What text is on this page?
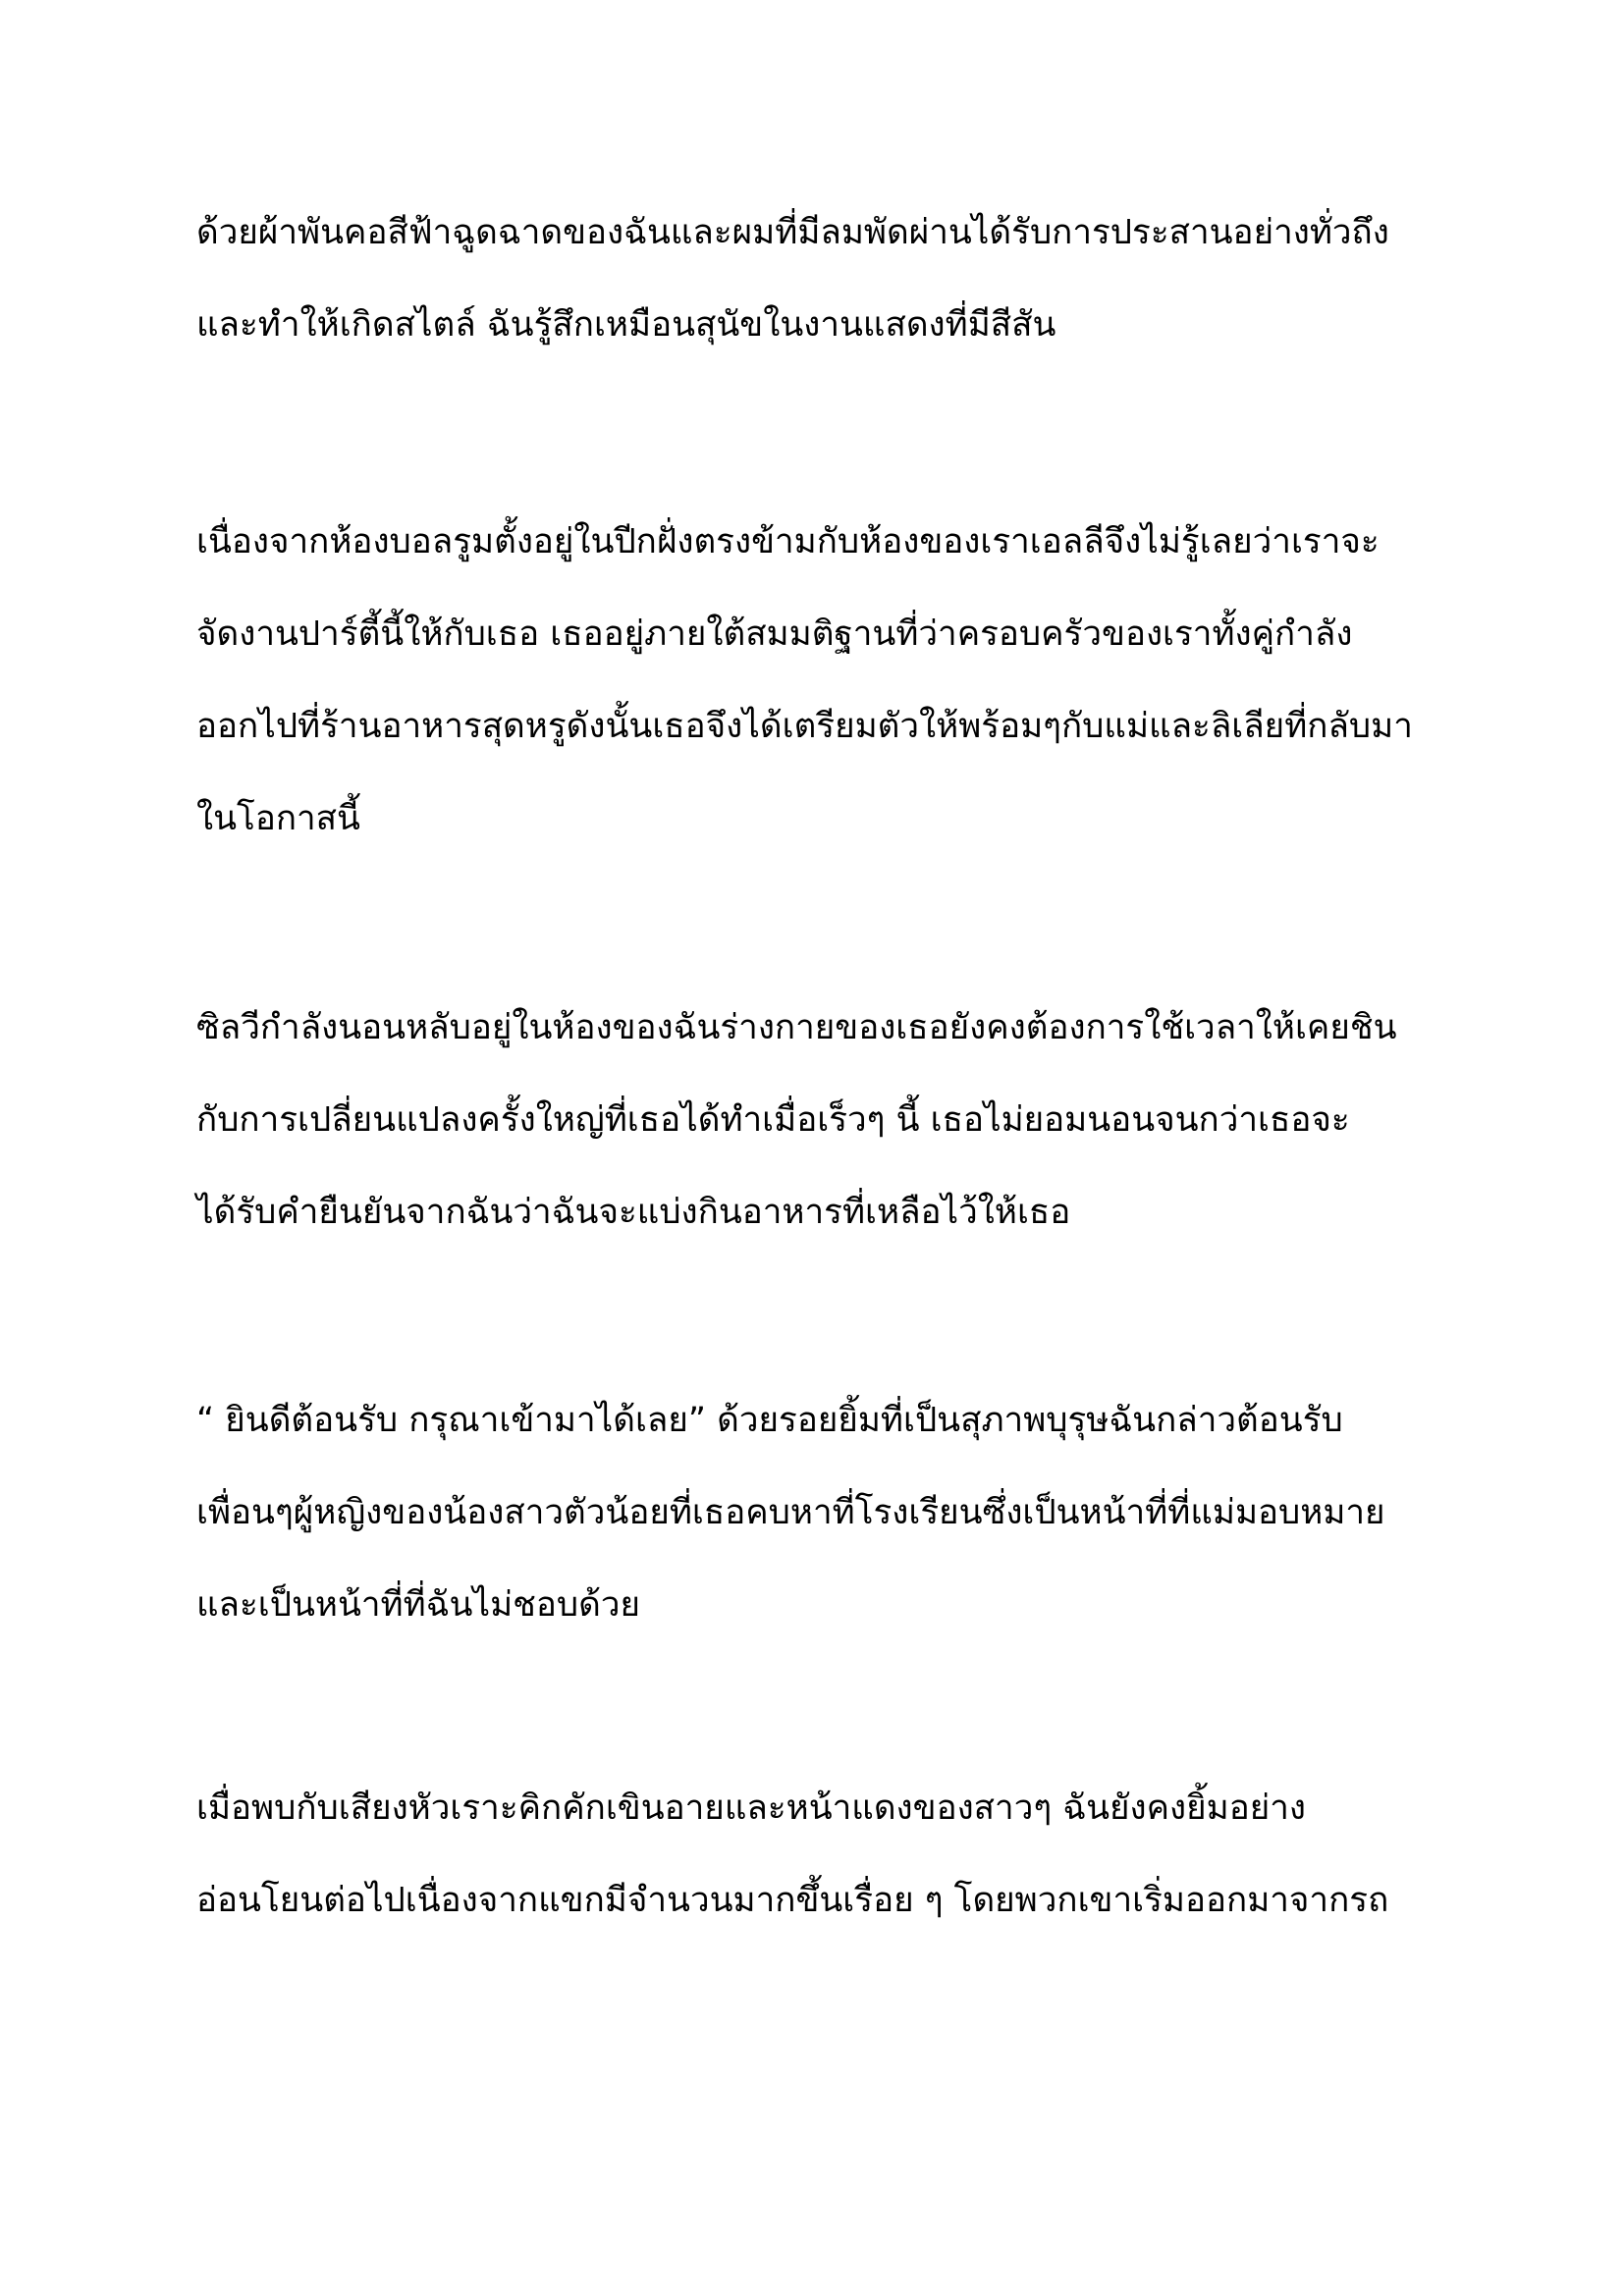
ด้วยผ้าพันคอสีฟ้าฉูดฉาดของฉันและผมที่มีลมพัดผ่านได้รับการประสานอย่างทั่วถึง
และทำให้เกิดสไตล์ ฉันรู้สึกเหมือนสุนัขในงานแสดงที่มีสีสัน

เนื่องจากห้องบอลรูมตั้งอยู่ในปีกฝั่งตรงข้ามกับห้องของเราเอลลีจึงไม่รู้เลยว่าเราจะ
จัดงานปาร์ตี้นี้ให้กับเธอ เธออยู่ภายใต้สมมติฐานที่ว่าครอบครัวของเราทั้งคู่กำลัง
ออกไปที่ร้านอาหารสุดหรูดังนั้นเธอจึงได้เตรียมตัวให้พร้อมๆกับแม่และลิเลียที่กลับมา
ในโอกาสนี้

ซิลวีกำลังนอนหลับอยู่ในห้องของฉันร่างกายของเธอยังคงต้องการใช้เวลาให้เคยชิน
กับการเปลี่ยนแปลงครั้งใหญ่ที่เธอได้ทำเมื่อเร็วๆ นี้ เธอไม่ยอมนอนจนกว่าเธอจะ
ได้รับคำยืนยันจากฉันว่าฉันจะแบ่งกินอาหารที่เหลือไว้ให้เธอ

“ ยินดีต้อนรับ กรุณาเข้ามาได้เลย” ด้วยรอยยิ้มที่เป็นสุภาพบุรุษฉันกล่าวต้อนรับ
เพื่อนๆผู้หญิงของน้องสาวตัวน้อยที่เธอคบหาที่โรงเรียนซึ่งเป็นหน้าที่ที่แม่มอบหมาย
และเป็นหน้าที่ที่ฉันไม่ชอบด้วย

เมื่อพบกับเสียงหัวเราะคิกคักเขินอายและหน้าแดงของสาวๆ ฉันยังคงยิ้มอย่าง
อ่อนโยนต่อไปเนื่องจากแขกมีจำนวนมากขึ้นเรื่อย ๆ โดยพวกเขาเริ่มออกมาจากรถ
